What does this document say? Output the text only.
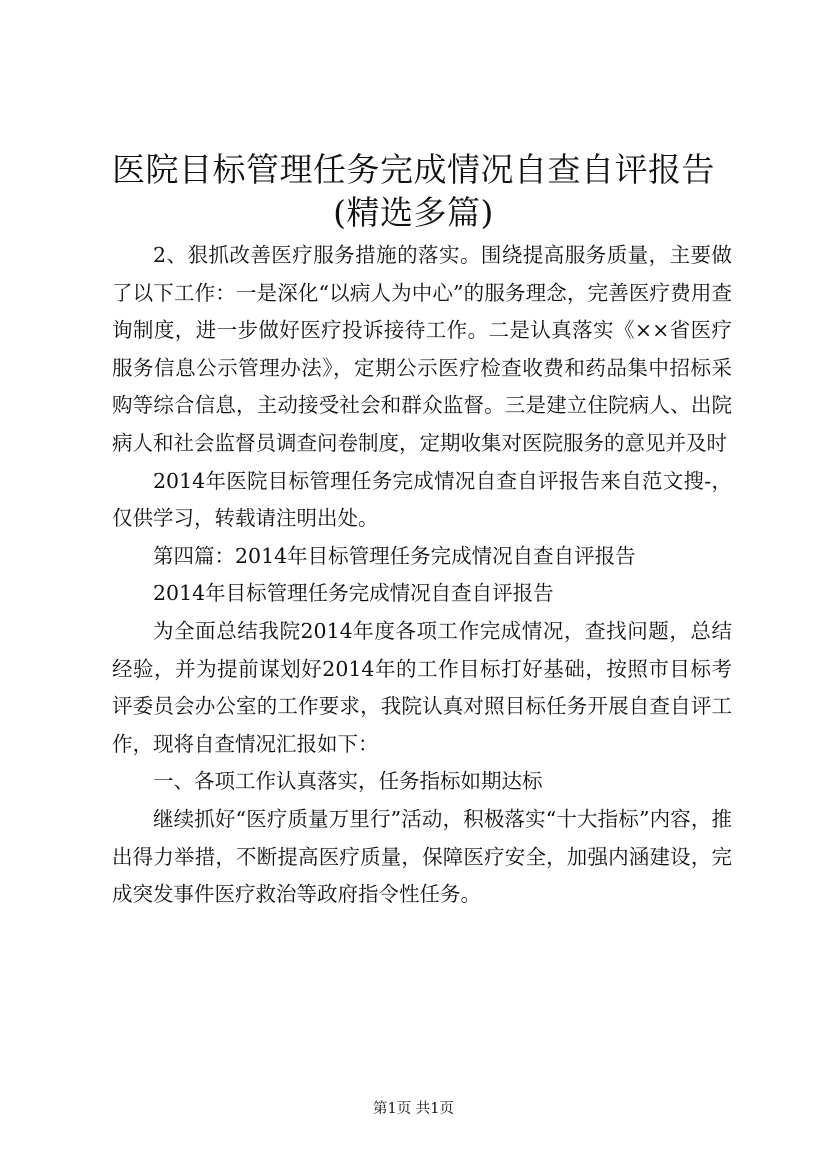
医院目标管理任务完成情况自查自评报告(精选多篇)

2、狠抓改善医疗服务措施的落实。围绕提高服务质量，主要做了以下工作：一是深化“以病人为中心”的服务理念，完善医疗费用查询制度，进一步做好医疗投诉接待工作。二是认真落实《××省医疗服务信息公示管理办法》，定期公示医疗检查收费和药品集中招标采购等综合信息，主动接受社会和群众监督。三是建立住院病人、出院病人和社会监督员调查问卷制度，定期收集对医院服务的意见并及时

2014年医院目标管理任务完成情况自查自评报告来自范文搜-，仅供学习，转载请注明出处。

第四篇：2014年目标管理任务完成情况自查自评报告

2014年目标管理任务完成情况自查自评报告

为全面总结我院2014年度各项工作完成情况，查找问题，总结经验，并为提前谋划好2014年的工作目标打好基础，按照市目标考评委员会办公室的工作要求，我院认真对照目标任务开展自查自评工作，现将自查情况汇报如下：

一、各项工作认真落实，任务指标如期达标

继续抓好“医疗质量万里行”活动，积极落实“十大指标”内容，推出得力举措，不断提高医疗质量，保障医疗安全，加强内涵建设，完成突发事件医疗救治等政府指令性任务。

第1页 共1页
